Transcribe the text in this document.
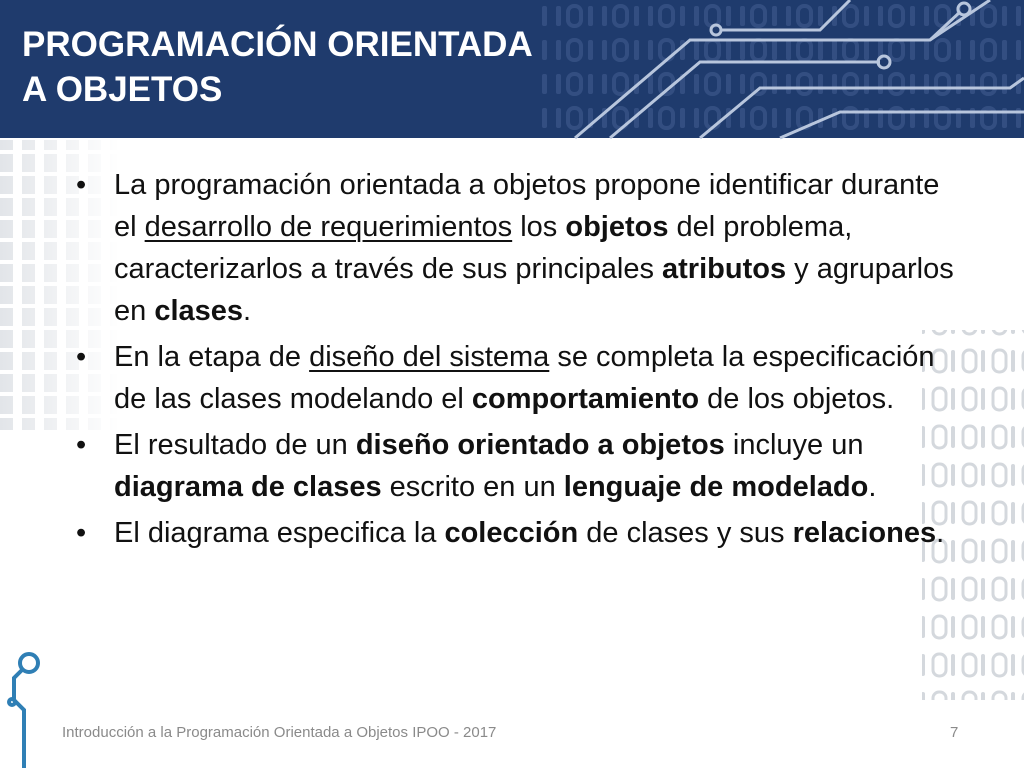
PROGRAMACIÓN ORIENTADA
A OBJETOS
• La programación orientada a objetos propone identificar durante el desarrollo de requerimientos los objetos del problema, caracterizarlos a través de sus principales atributos y agruparlos en clases.
• En la etapa de diseño del sistema se completa la especificación de las clases modelando el comportamiento de los objetos.
• El resultado de un diseño orientado a objetos incluye un diagrama de clases escrito en un lenguaje de modelado.
• El diagrama especifica la colección de clases y sus relaciones.
Introducción a la Programación Orientada a Objetos IPOO - 2017	7
